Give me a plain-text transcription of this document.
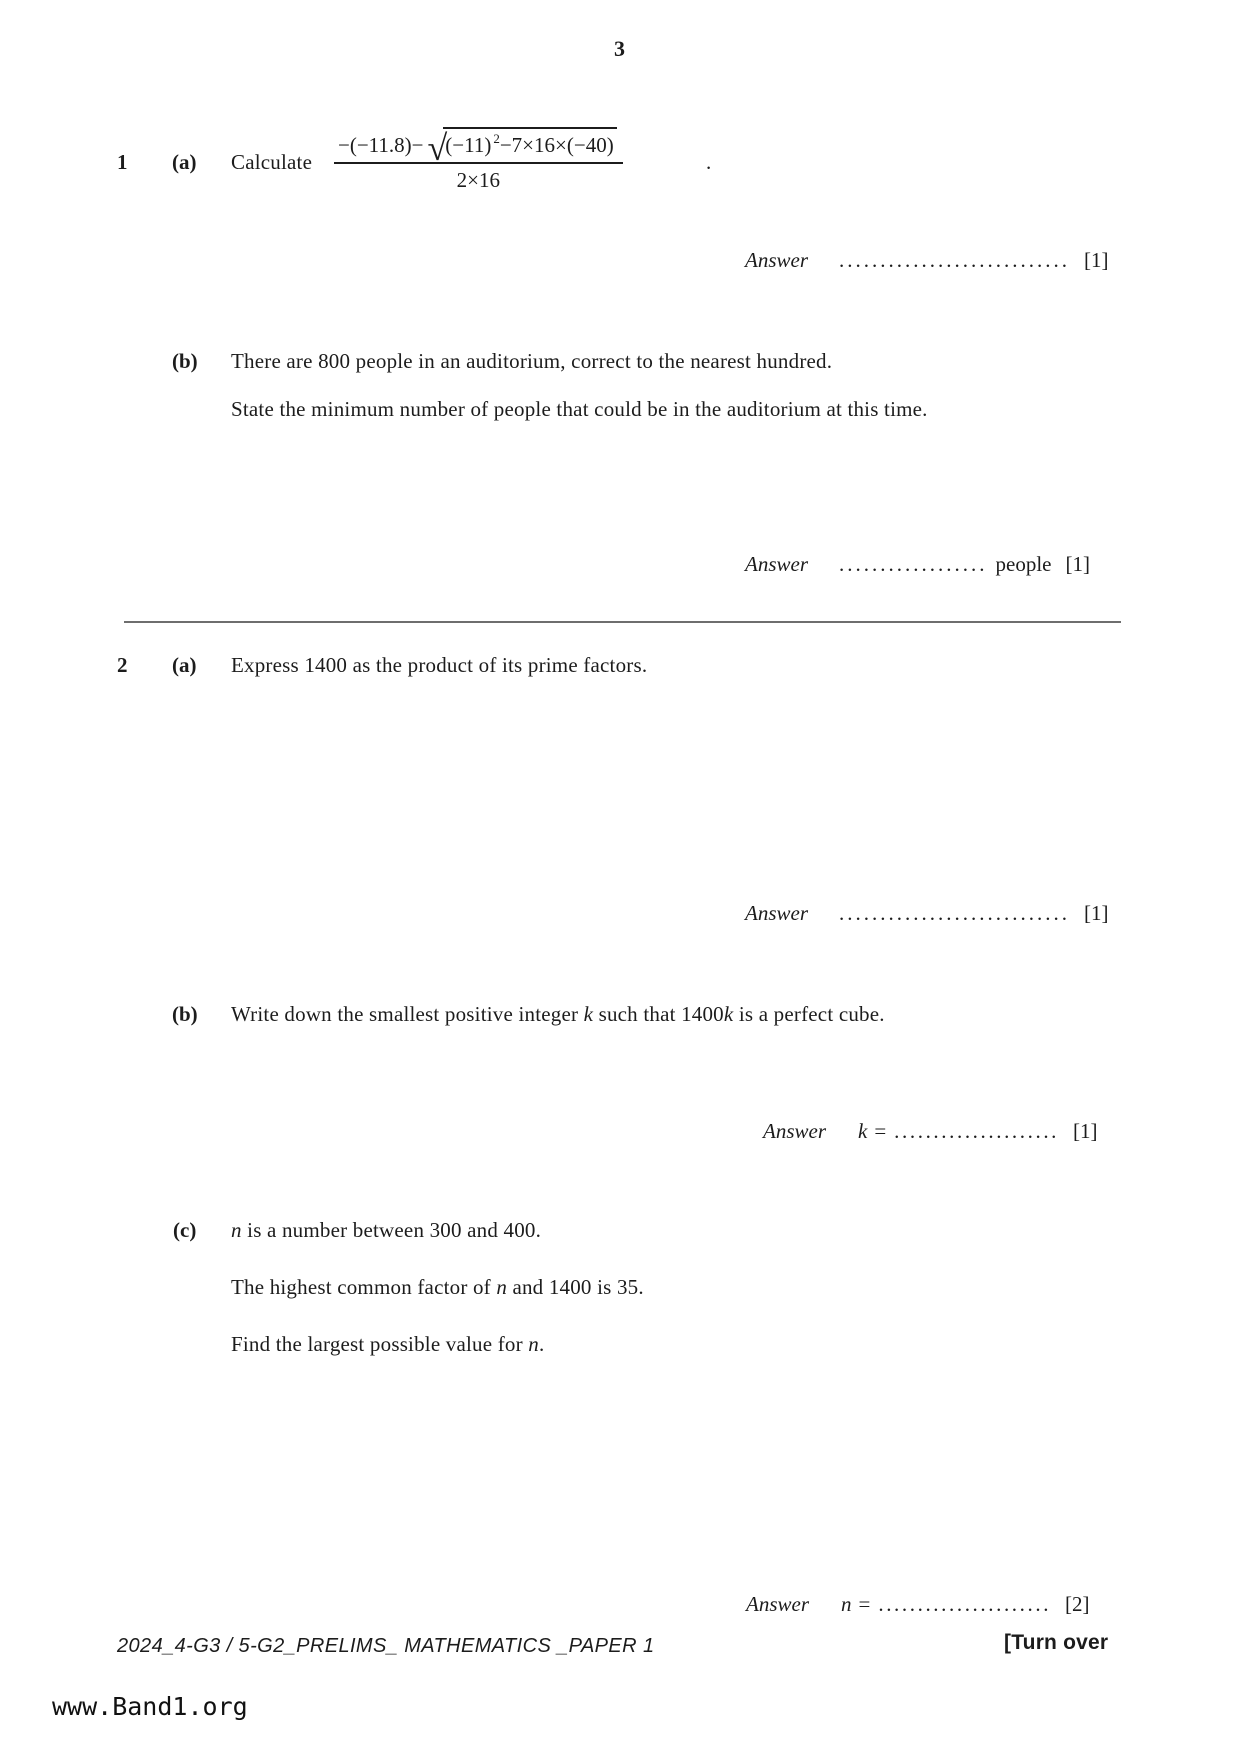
3
1 (a) Calculate
−(−11.8)− √
(−11) $^2$−7×16×(−40)
2×16
.
Answer ............................ [1]
(b) There are 800 people in an auditorium, correct to the nearest hundred.
State the minimum number of people that could be in the auditorium at this time.
Answer .................. people [1]
2 (a) Express 1400 as the product of its prime factors.
Answer ............................ [1]
(b) Write down the smallest positive integer k such that 1400k is a perfect cube.
Answer k = ..................... [1]
(c) n is a number between 300 and 400.
The highest common factor of n and 1400 is 35.
Find the largest possible value for n.
Answer n = ...................... [2]
2024_4-G3 / 5-G2_PRELIMS_ MATHEMATICS _PAPER 1	[Turn over
www.Band1.org
